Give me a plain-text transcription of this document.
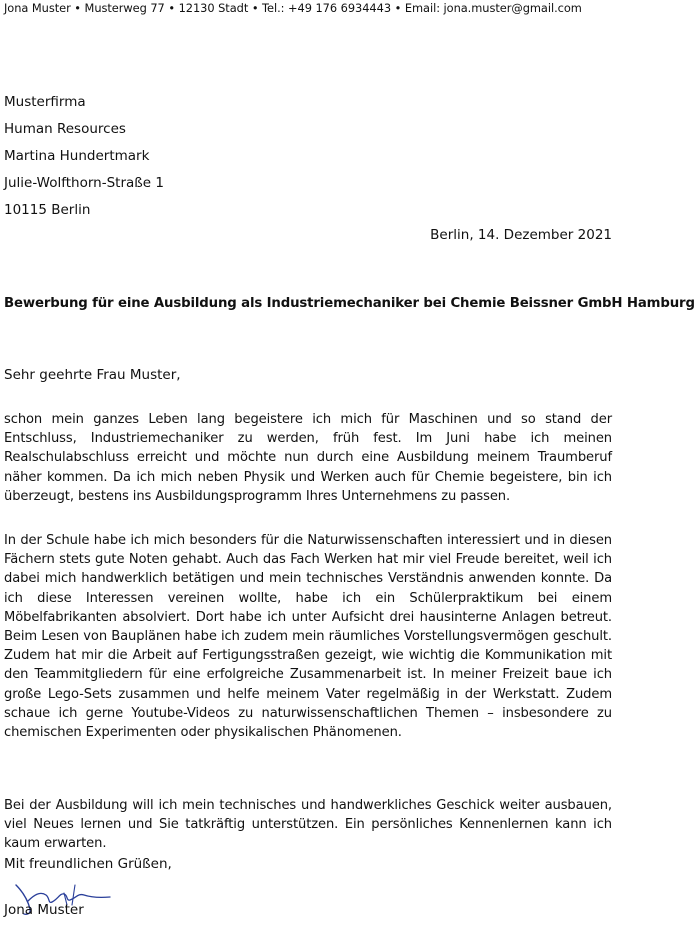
Jona Muster • Musterweg 77 • 12130 Stadt • Tel.: +49 176 6934443 • Email: jona.muster@gmail.com
Musterfirma
Human Resources
Martina Hundertmark
Julie-Wolfthorn-Straße 1
10115 Berlin
Berlin, 14. Dezember 2021
Bewerbung für eine Ausbildung als Industriemechaniker bei Chemie Beissner GmbH Hamburg
Sehr geehrte Frau Muster,
schon mein ganzes Leben lang begeistere ich mich für Maschinen und so stand der Entschluss, Industriemechaniker zu werden, früh fest. Im Juni habe ich meinen Realschulabschluss erreicht und möchte nun durch eine Ausbildung meinem Traumberuf näher kommen. Da ich mich neben Physik und Werken auch für Chemie begeistere, bin ich überzeugt, bestens ins Ausbildungsprogramm Ihres Unternehmens zu passen.
In der Schule habe ich mich besonders für die Naturwissenschaften interessiert und in diesen Fächern stets gute Noten gehabt. Auch das Fach Werken hat mir viel Freude bereitet, weil ich dabei mich handwerklich betätigen und mein technisches Verständnis anwenden konnte. Da ich diese Interessen vereinen wollte, habe ich ein Schülerpraktikum bei einem Möbelfabrikanten absolviert. Dort habe ich unter Aufsicht drei hausinterne Anlagen betreut. Beim Lesen von Bauplänen habe ich zudem mein räumliches Vorstellungsvermögen geschult. Zudem hat mir die Arbeit auf Fertigungsstraßen gezeigt, wie wichtig die Kommunikation mit den Teammitgliedern für eine erfolgreiche Zusammenarbeit ist. In meiner Freizeit baue ich große Lego-Sets zusammen und helfe meinem Vater regelmäßig in der Werkstatt. Zudem schaue ich gerne Youtube-Videos zu naturwissenschaftlichen Themen – insbesondere zu chemischen Experimenten oder physikalischen Phänomenen.
Bei der Ausbildung will ich mein technisches und handwerkliches Geschick weiter ausbauen, viel Neues lernen und Sie tatkräftig unterstützen. Ein persönliches Kennenlernen kann ich kaum erwarten.
Mit freundlichen Grüßen,
Jona Muster
